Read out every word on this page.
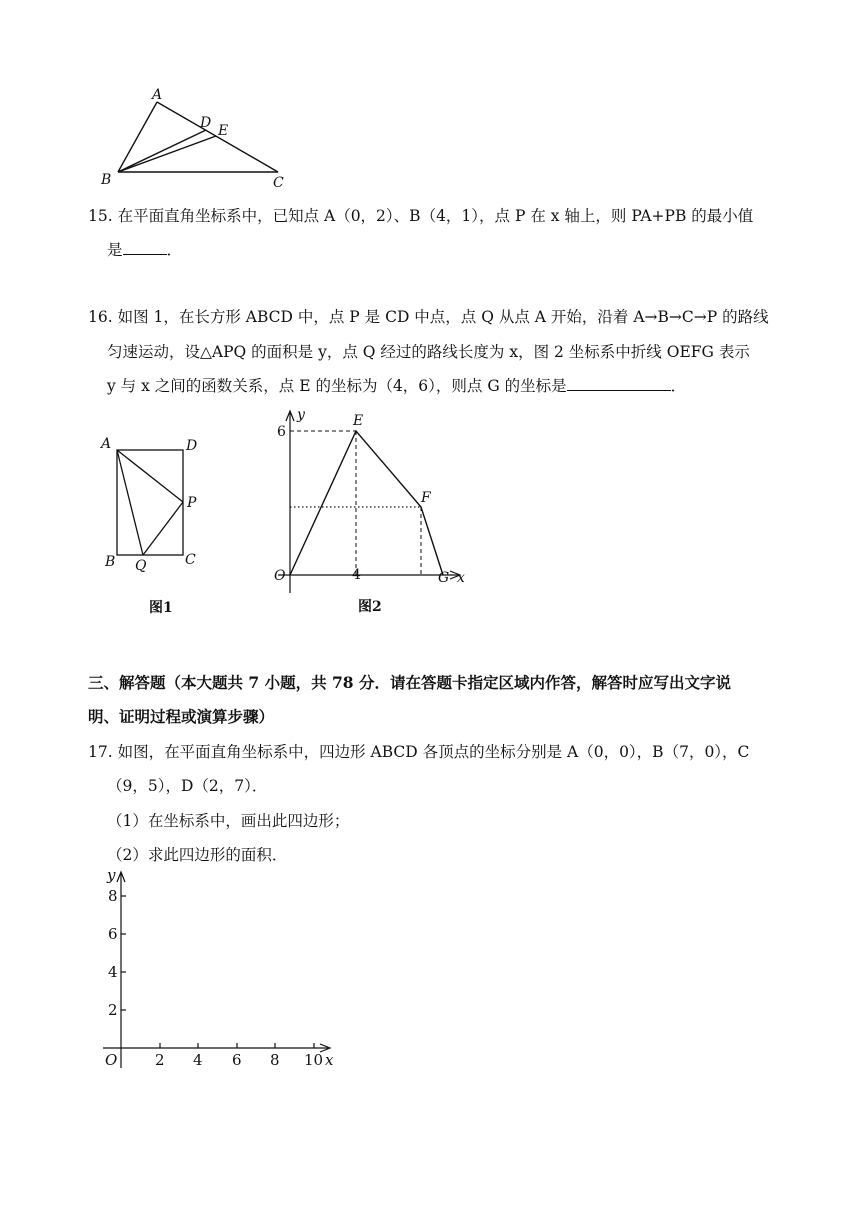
A
D E
B	C
15. 在平面直角坐标系中，已知点 A（0，2）、B（4，1），点 P 在 x 轴上，则 PA+PB 的最小值
是	．
16. 如图 1，在长方形 ABCD 中，点 P 是 CD 中点，点 Q 从点 A 开始，沿着 A→B→C→P 的路线
匀速运动，设△APQ 的面积是 y，点 Q 经过的路线长度为 x，图 2 坐标系中折线 OEFG 表示
y 与 x 之间的函数关系，点 E 的坐标为（4，6），则点 G 的坐标是	．
A	D
P
B Q	C
图1
y
6
E
F
O	4	G x
图2
三、解答题（本大题共 7 小题，共 78 分．请在答题卡指定区域内作答，解答时应写出文字说
明、证明过程或演算步骤）
17. 如图，在平面直角坐标系中，四边形 ABCD 各顶点的坐标分别是 A（0，0），B（7，0），C
（9，5），D（2，7）．
（1）在坐标系中，画出此四边形；
（2）求此四边形的面积．
y
8
6
4
2
O	2 4 6 8 10 x
